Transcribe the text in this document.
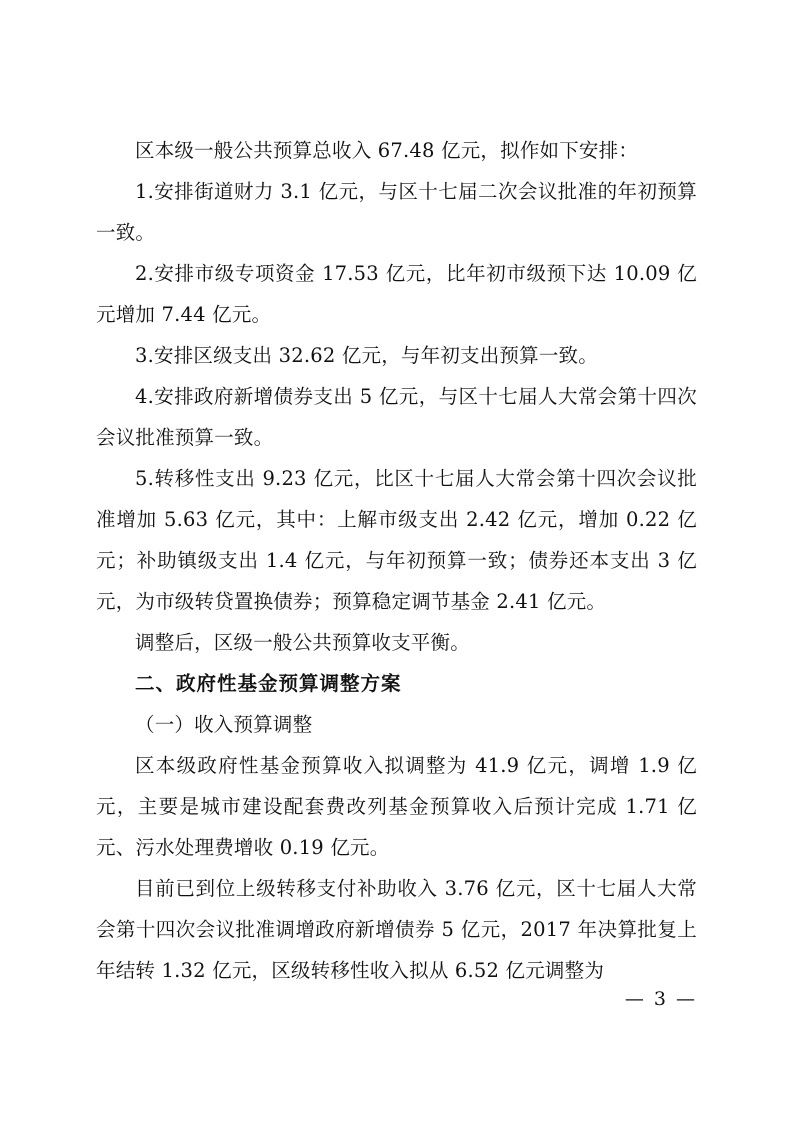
区本级一般公共预算总收入 67.48 亿元，拟作如下安排：

1.安排街道财力 3.1 亿元，与区十七届二次会议批准的年初预算一致。

2.安排市级专项资金 17.53 亿元，比年初市级预下达 10.09 亿元增加 7.44 亿元。

3.安排区级支出 32.62 亿元，与年初支出预算一致。

4.安排政府新增债券支出 5 亿元，与区十七届人大常会第十四次会议批准预算一致。

5.转移性支出 9.23 亿元，比区十七届人大常会第十四次会议批准增加 5.63 亿元，其中：上解市级支出 2.42 亿元，增加 0.22 亿元；补助镇级支出 1.4 亿元，与年初预算一致；债券还本支出 3 亿元，为市级转贷置换债券；预算稳定调节基金 2.41 亿元。

调整后，区级一般公共预算收支平衡。

二、政府性基金预算调整方案

（一）收入预算调整

区本级政府性基金预算收入拟调整为 41.9 亿元，调增 1.9 亿元，主要是城市建设配套费改列基金预算收入后预计完成 1.71 亿元、污水处理费增收 0.19 亿元。

目前已到位上级转移支付补助收入 3.76 亿元，区十七届人大常会第十四次会议批准调增政府新增债券 5 亿元，2017 年决算批复上年结转 1.32 亿元，区级转移性收入拟从 6.52 亿元调整为

— 3 —
